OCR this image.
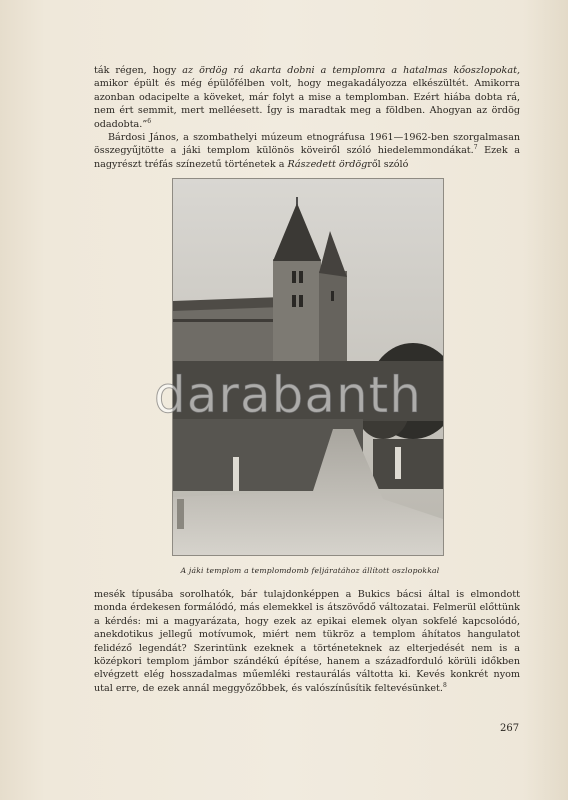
ták régen, hogy az ördög rá akarta dobni a templomra a hatalmas kőoszlopokat, amikor épült és még épülőfélben volt, hogy megakadályozza elkészültét. Amikorra azonban odacipelte a köveket, már folyt a mise a templomban. Ezért hiába dobta rá, nem ért semmit, mert melléesett. Így is maradtak meg a földben. Ahogyan az ördög odadobta.”$^6$

Bárdosi János, a szombathelyi múzeum etnográfusa 1961—1962-ben szorgalmasan összegyűjtötte a jáki templom különös köveiről szóló hiedelemmondákat.$^7$ Ezek a nagyrészt tréfás színezetű történetek a Rászedett ördögről szóló

darabanth
A jáki templom a templomdomb feljáratához állított oszlopokkal

mesék típusába sorolhatók, bár tulajdonképpen a Bukics bácsi által is elmondott monda érdekesen formálódó, más elemekkel is átszövődő változatai. Felmerül előttünk a kérdés: mi a magyarázata, hogy ezek az epikai elemek olyan sokfelé kapcsolódó, anekdotikus jellegű motívumok, miért nem tükröz a templom áhítatos hangulatot felidéző legendát? Szerintünk ezeknek a történeteknek az elterjedését nem is a középkori templom jámbor szándékú építése, hanem a századforduló körüli időkben elvégzett elég hosszadalmas műemléki restaurálás váltotta ki. Kevés konkrét nyom utal erre, de ezek annál meggyőzőbbek, és valószínűsítik feltevésünket.$^8$

267
